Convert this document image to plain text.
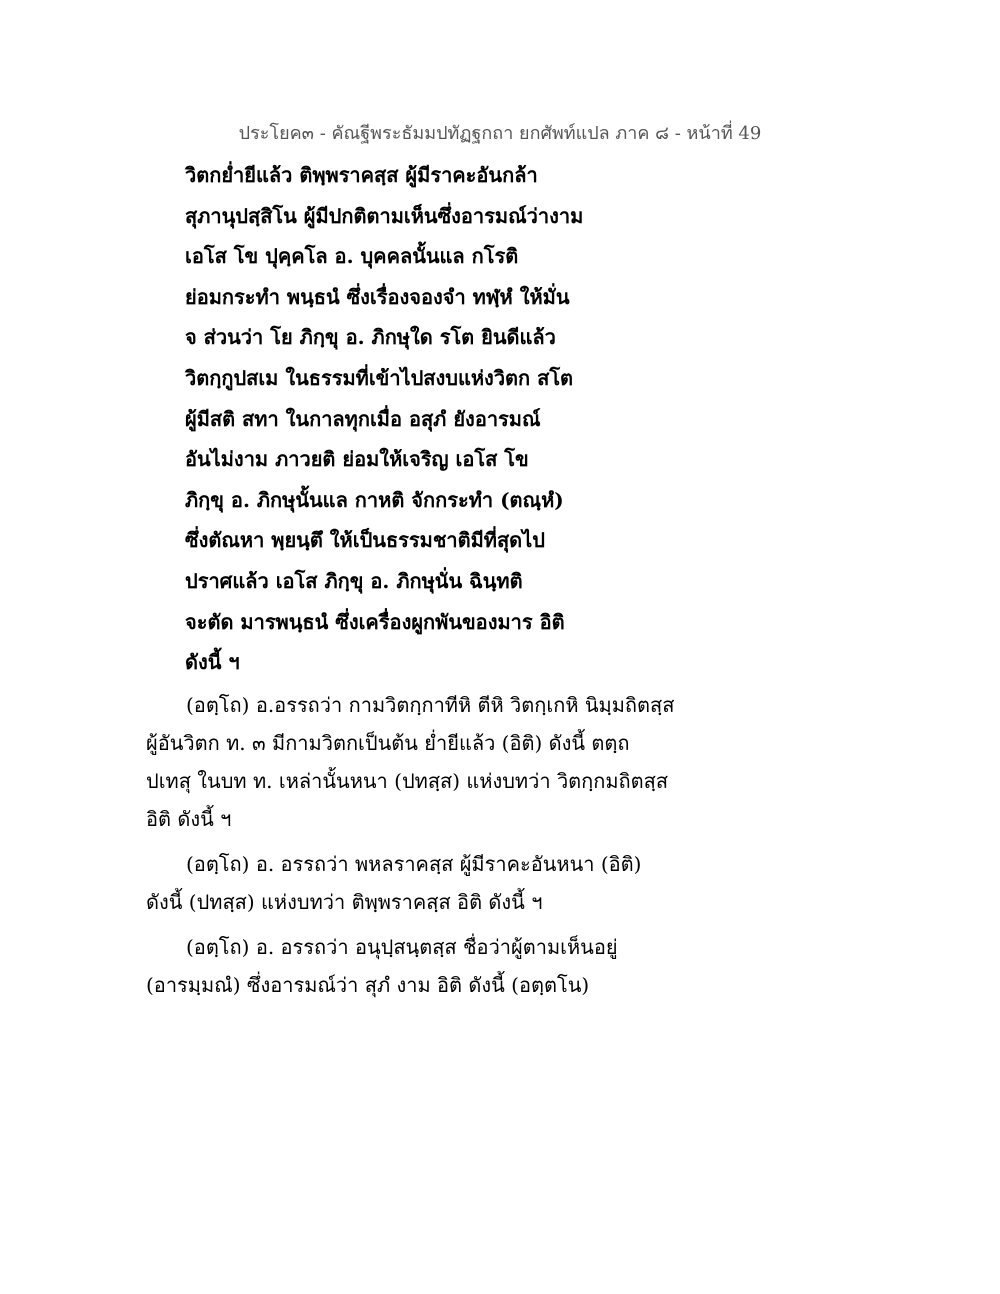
ประโยค๓ - คัณฐีพระธัมมปทัฏฐกถา ยกศัพท์แปล ภาค ๘ - หน้าที่ 49
วิตกย่ำยีแล้ว ติพฺพราคสฺส ผู้มีราคะอันกล้า
สุภานุปสฺสิโน ผู้มีปกติตามเห็นซึ่งอารมณ์ว่างาม
เอโส โข ปุคฺคโล อ. บุคคลนั้นแล กโรติ
ย่อมกระทำ พนฺธนํ ซึ่งเรื่องจองจำ ทฬฺหํ ให้มั่น
จ ส่วนว่า โย ภิกฺขุ อ. ภิกษุใด รโต ยินดีแล้ว
วิตกฺกูปสเม ในธรรมที่เข้าไปสงบแห่งวิตก สโต
ผู้มีสติ สทา ในกาลทุกเมื่อ อสุภํ ยังอารมณ์
อันไม่งาม ภาวยติ ย่อมให้เจริญ เอโส โข
ภิกฺขุ อ. ภิกษุนั้นแล กาหติ จักกระทำ (ตณฺหํ)
ซึ่งตัณหา พฺยนฺตึ ให้เป็นธรรมชาติมีที่สุดไป
ปราศแล้ว เอโส ภิกฺขุ อ. ภิกษุนั่น ฉินฺทติ
จะตัด มารพนฺธนํ ซึ่งเครื่องผูกพันของมาร อิติ
ดังนี้ ฯ
(อตฺโถ) อ.อรรถว่า กามวิตกฺกาทีหิ ตีหิ วิตกฺเกหิ นิมฺมถิตสฺส
ผู้อันวิตก ท. ๓ มีกามวิตกเป็นต้น ย่ำยีแล้ว (อิติ) ดังนี้ ตตฺถ
ปเทสุ ในบท ท. เหล่านั้นหนา (ปทสฺส) แห่งบทว่า วิตกฺกมถิตสฺส
อิติ ดังนี้ ฯ
(อตฺโถ) อ. อรรถว่า พหลราคสฺส ผู้มีราคะอันหนา (อิติ)
ดังนี้ (ปทสฺส) แห่งบทว่า ติพฺพราคสฺส อิติ ดังนี้ ฯ
(อตฺโถ) อ. อรรถว่า อนุปฺสนฺตสฺส ชื่อว่าผู้ตามเห็นอยู่
(อารมฺมณํ) ซึ่งอารมณ์ว่า สุภํ งาม อิติ ดังนี้ (อตฺตโน)
